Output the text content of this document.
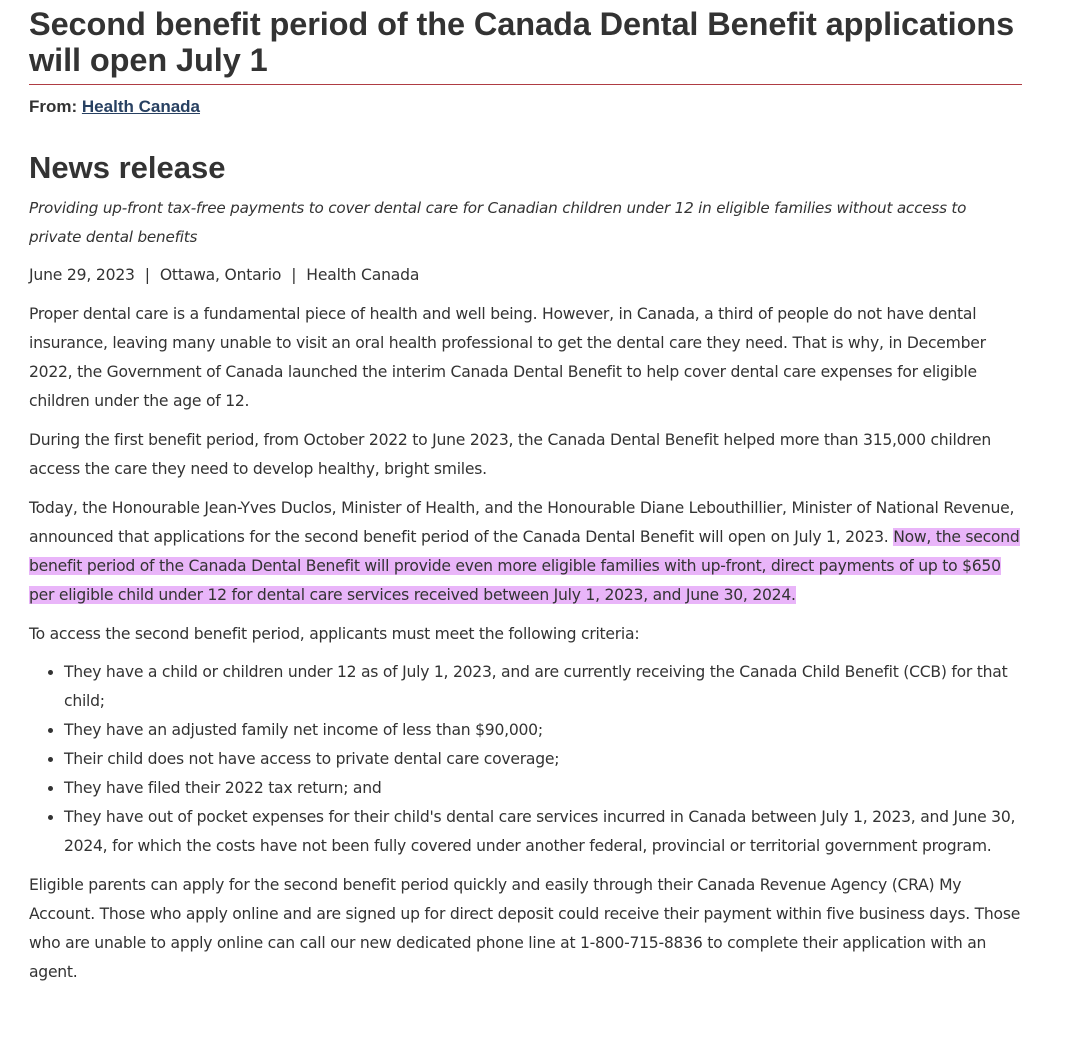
Second benefit period of the Canada Dental Benefit applications will open July 1
From: Health Canada
News release

Providing up-front tax-free payments to cover dental care for Canadian children under 12 in eligible families without access to private dental benefits

June 29, 2023 | Ottawa, Ontario | Health Canada

Proper dental care is a fundamental piece of health and well being. However, in Canada, a third of people do not have dental insurance, leaving many unable to visit an oral health professional to get the dental care they need. That is why, in December 2022, the Government of Canada launched the interim Canada Dental Benefit to help cover dental care expenses for eligible children under the age of 12.

During the first benefit period, from October 2022 to June 2023, the Canada Dental Benefit helped more than 315,000 children access the care they need to develop healthy, bright smiles.

Today, the Honourable Jean-Yves Duclos, Minister of Health, and the Honourable Diane Lebouthillier, Minister of National Revenue, announced that applications for the second benefit period of the Canada Dental Benefit will open on July 1, 2023. Now, the second benefit period of the Canada Dental Benefit will provide even more eligible families with up-front, direct payments of up to $650 per eligible child under 12 for dental care services received between July 1, 2023, and June 30, 2024.

To access the second benefit period, applicants must meet the following criteria:

• They have a child or children under 12 as of July 1, 2023, and are currently receiving the Canada Child Benefit (CCB) for that child;
• They have an adjusted family net income of less than $90,000;
• Their child does not have access to private dental care coverage;
• They have filed their 2022 tax return; and
• They have out of pocket expenses for their child's dental care services incurred in Canada between July 1, 2023, and June 30, 2024, for which the costs have not been fully covered under another federal, provincial or territorial government program.

Eligible parents can apply for the second benefit period quickly and easily through their Canada Revenue Agency (CRA) My Account. Those who apply online and are signed up for direct deposit could receive their payment within five business days. Those who are unable to apply online can call our new dedicated phone line at 1-800-715-8836 to complete their application with an agent.
